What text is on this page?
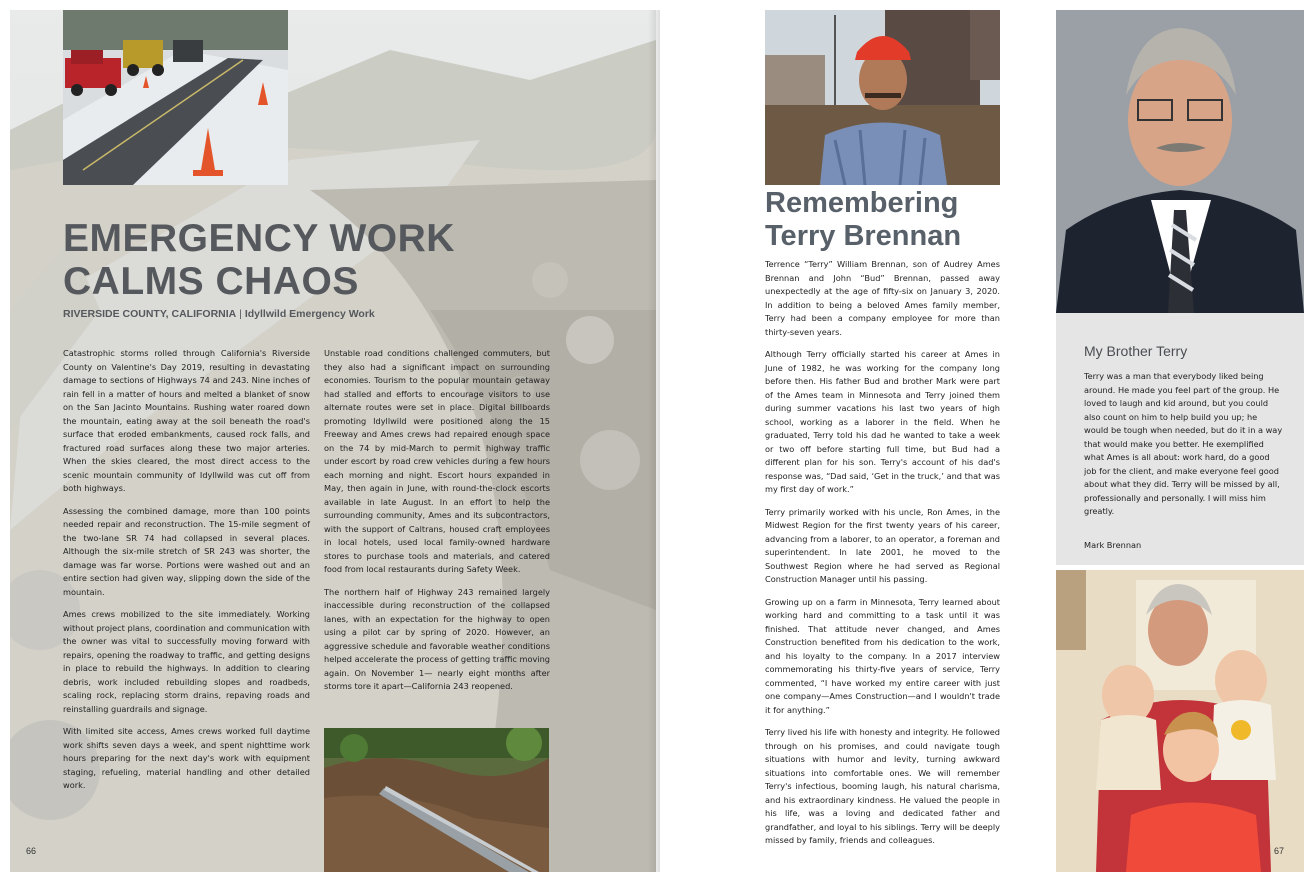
EMERGENCY WORK
CALMS CHAOS
RIVERSIDE COUNTY, CALIFORNIA | Idyllwild Emergency Work

Catastrophic storms rolled through California's Riverside County on Valentine's Day 2019, resulting in devastating damage to sections of Highways 74 and 243. Nine inches of rain fell in a matter of hours and melted a blanket of snow on the San Jacinto Mountains. Rushing water roared down the mountain, eating away at the soil beneath the road's surface that eroded embankments, caused rock falls, and fractured road surfaces along these two major arteries. When the skies cleared, the most direct access to the scenic mountain community of Idyllwild was cut off from both highways.

Assessing the combined damage, more than 100 points needed repair and reconstruction. The 15-mile segment of the two-lane SR 74 had collapsed in several places. Although the six-mile stretch of SR 243 was shorter, the damage was far worse. Portions were washed out and an entire section had given way, slipping down the side of the mountain.

Ames crews mobilized to the site immediately. Working without project plans, coordination and communication with the owner was vital to successfully moving forward with repairs, opening the roadway to traffic, and getting designs in place to rebuild the highways. In addition to clearing debris, work included rebuilding slopes and roadbeds, scaling rock, replacing storm drains, repaving roads and reinstalling guardrails and signage.

With limited site access, Ames crews worked full daytime work shifts seven days a week, and spent nighttime work hours preparing for the next day's work with equipment staging, refueling, material handling and other detailed work.

Unstable road conditions challenged commuters, but they also had a significant impact on surrounding economies. Tourism to the popular mountain getaway had stalled and efforts to encourage visitors to use alternate routes were set in place. Digital billboards promoting Idyllwild were positioned along the 15 Freeway and Ames crews had repaired enough space on the 74 by mid-March to permit highway traffic under escort by road crew vehicles during a few hours each morning and night. Escort hours expanded in May, then again in June, with round-the-clock escorts available in late August. In an effort to help the surrounding community, Ames and its subcontractors, with the support of Caltrans, housed craft employees in local hotels, used local family-owned hardware stores to purchase tools and materials, and catered food from local restaurants during Safety Week.

The northern half of Highway 243 remained largely inaccessible during reconstruction of the collapsed lanes, with an expectation for the highway to open using a pilot car by spring of 2020. However, an aggressive schedule and favorable weather conditions helped accelerate the process of getting traffic moving again. On November 1— nearly eight months after storms tore it apart—California 243 reopened.

66
Remembering
Terry Brennan

Terrence “Terry” William Brennan, son of Audrey Ames Brennan and John “Bud” Brennan, passed away unexpectedly at the age of fifty-six on January 3, 2020. In addition to being a beloved Ames family member, Terry had been a company employee for more than thirty-seven years.

Although Terry officially started his career at Ames in June of 1982, he was working for the company long before then. His father Bud and brother Mark were part of the Ames team in Minnesota and Terry joined them during summer vacations his last two years of high school, working as a laborer in the field. When he graduated, Terry told his dad he wanted to take a week or two off before starting full time, but Bud had a different plan for his son. Terry's account of his dad's response was, “Dad said, ‘Get in the truck,’ and that was my first day of work.”

Terry primarily worked with his uncle, Ron Ames, in the Midwest Region for the first twenty years of his career, advancing from a laborer, to an operator, a foreman and superintendent. In late 2001, he moved to the Southwest Region where he had served as Regional Construction Manager until his passing.

Growing up on a farm in Minnesota, Terry learned about working hard and committing to a task until it was finished. That attitude never changed, and Ames Construction benefited from his dedication to the work, and his loyalty to the company. In a 2017 interview commemorating his thirty-five years of service, Terry commented, “I have worked my entire career with just one company—Ames Construction—and I wouldn't trade it for anything.”

Terry lived his life with honesty and integrity. He followed through on his promises, and could navigate tough situations with humor and levity, turning awkward situations into comfortable ones. We will remember Terry's infectious, booming laugh, his natural charisma, and his extraordinary kindness. He valued the people in his life, was a loving and dedicated father and grandfather, and loyal to his siblings. Terry will be deeply missed by family, friends and colleagues.

My Brother Terry
Terry was a man that everybody liked being around. He made you feel part of the group. He loved to laugh and kid around, but you could also count on him to help build you up; he would be tough when needed, but do it in a way that would make you better. He exemplified what Ames is all about: work hard, do a good job for the client, and make everyone feel good about what they did. Terry will be missed by all, professionally and personally. I will miss him greatly.
Mark Brennan
67
